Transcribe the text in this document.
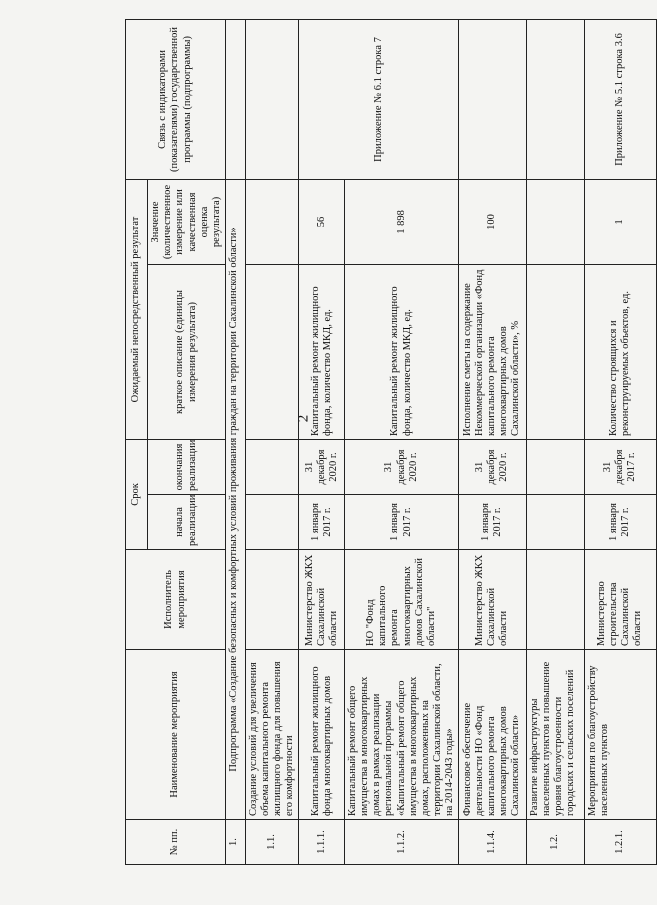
2
№ пп.	Наименование мероприятия	Исполнитель мероприятия	Срок		Ожидаемый непосредственный результат		Связь с индикаторами (показателями) государственной программы (подпрограммы)
			начала реализации	окончания реализации	краткое описание (единицы измерения результата)	Значение (количественное измерение или качественная оценка результата)	
1.	Подпрограмма «Создание безопасных и комфортных условий проживания граждан на территории Сахалинской области»						
1.1.	Создание условий для увеличения объема капитального ремонта жилищного фонда для повышения его комфортности						
1.1.1.	Капитальный ремонт жилищного фонда многоквартирных домов	Министерство ЖКХ Сахалинской области	1 января 2017 г.	31 декабря 2020 г.	Капитальный ремонт жилищного фонда, количество МКД, ед.	56	Приложение № 6.1 строка 7
1.1.2.	Капитальный ремонт общего имущества в многоквартирных домах в рамках реализации региональной программы «Капитальный ремонт общего имущества в многоквартирных домах, расположенных на территории Сахалинской области, на 2014-2043 годы»	НО "Фонд капитального ремонта многоквартирных домов Сахалинской области"	1 января 2017 г.	31 декабря 2020 г.	Капитальный ремонт жилищного фонда, количество МКД, ед.	1 898	
1.1.4.	Финансовое обеспечение деятельности НО «Фонд капитального ремонта многоквартирных домов Сахалинской области»	Министерство ЖКХ Сахалинской области	1 января 2017 г.	31 декабря 2020 г.	Исполнение сметы на содержание Некоммерческой организации «Фонд капитального ремонта многоквартирных домов Сахалинской области», %	100	
1.2.	Развитие инфраструктуры населенных пунктов и повышение уровня благоустроенности городских и сельских поселений						
1.2.1.	Мероприятия по благоустройству населенных пунктов	Министерство строительства Сахалинской области	1 января 2017 г.	31 декабря 2017 г.	Количество строящихся и реконструируемых объектов, ед.	1	Приложение № 5.1 строка 3.6
